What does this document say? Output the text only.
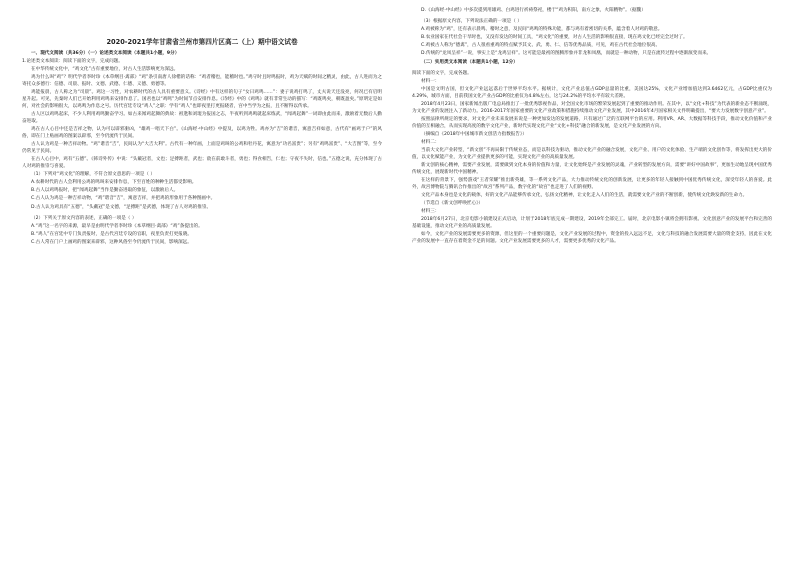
2020-2021学年甘肃省兰州市第四片区高二（上）期中语文试卷

一、现代文阅读（共36分）（一）论述类文本阅读（本题共1小题，9分）

1.论述类文本阅读：阅读下面的文字，完成问题。

在中华传统文化中，“鸡文化”古有重要地位，对古人生活影响更为深远。

鸡为什么叫“鸡”？明代学者李时珍《本草纲目·禽部》“鸡”条引南唐人徐楷的话称：“鸡者稽也，能稽时也。”鸡守时且时鸣报时，鸡为天赋的时间之精灵，由此，古人进而为之寄托众多德行：信德、司晨、报时、文德、武德、仁德、义德、勇德等。

鸡能报晨，古人称之为“司晨”。鸡这一习性，对农耕时代的古人具有重要意义。《诗经》中有这样的句子“女曰鸡鸣……”：妻子说鸡打鸣了，丈夫说天还没亮，何况已有启明星升起。可见，先秦时人们已开始利用鸡鸣来安排作息了。国君也以“鸡鸣”为时间节点安排作息。《诗经》中的《鸡鸣》就有非常生动的描写：“鸡既鸣矣，朝既盈矣。”原明定是如何，对社会的影响很大，以鸡鸣为作息之号。历代宫廷专设“鸡人”之职：学有“鸡人”也即夜里打更报晓者，宫中当学为之报，且不断得以传承。

古人区以鸡鸣起床，不少人利用鸡鸣勤奋学习。如古来闻鸡起舞的典故：祖逖和刘琨为报国之志，半夜听到鸡鸣就起床练武，“闻鸡起舞”一词即由此而来，激励着无数后人勤奋进取。

鸡在古人心目中还是吉祥之物，认为可以辟邪驱凶，“雄鸡一唱天下白”。《山海经·中山经》中提及，以鸡为牲。鸡亦为“吉”的谐音，寓意吉祥如意，古代有“画鸡于户”的风俗，即在门上贴画鸡的图案以辟邪，至今仍流传于民间。

古人认为鸡是一种吉祥动物。“鸡”谐音“吉”，民间认为“大吉大利”。古代有一种年画，上面是鸡叫的公鸡和牡丹花，寓意为“功名富贵”；另有“鸡鸣富贵”、“大吉图”等，至今仍常见于民间。

在古人心目中，鸡有“五德”。《韩诗外传》中说：“头戴冠者，文也；足搏距者，武也；敌在前敢斗者，勇也；得食相告，仁也；守夜不失时，信也。”五德之说，充分体现了古人对鸡的推崇与喜爱。

（1）下列对“鸡文化”的理解，不符合原文意思的一项是（ ）

A.农耕时代的古人会利用公鸡的鸣叫来安排作息，下至百姓的种种生活都受影响。

B.古人以鸡鸣报时，把“闻鸡起舞”当作是勤奋进取的象征，以激励后人。

C.古人认为鸡是一种吉祥动物，“鸡”谐音“吉”，寓意吉祥，并把鸡的形象用于各种图画中。

D.古人认为鸡具有“五德”，“头戴冠”是文德，“足搏距”是武德，体现了古人对鸡的推崇。

（2）下列关于原文内容的表述，正确的一项是（ ）

A.“鸡”这一名字的来源，最早是由明代学者李时珍《本草纲目·禽部》“鸡”条提出的。

B.“鸡人”在宫廷中专门负责报时，是古代宫廷专设的官职，夜里负责打更报晓。

C.古人常在门户上画鸡的图案来辟邪，这种风俗至今仍流传于民间，影响深远。

D.《山海经·中山经》中多次提到用雄鸡、白鸡进行祈祷祭祀，楼于“鸡为积阳，南方之象，火阳精物”。（据魏）

（3）根据原文内容，下列说法正确的一项是（ ）

A.鸡被称为“鸡”，还有表示晨鸣、稽时之意，及民间“鸡鸣的特殊功能，都与鸡有着密切的关系，蕴含着人对鸡的敬意。

B.农业国家在代社会干旱时也，又没有发达的时间工具，“鸡文化”的重要，对古人生活的影响很直接，现在鸡文化已经完全过时了。

C.鸡被古人称为“德禽”，古人很看重鸡的特点赋予其文、武、勇、仁、信等优秀品质，可见，鸡在古代社会地位很高。

D.传统的“龙凤呈祥”一说，事实上是“龙鸡呈祥”。这可能是最初的图腾形象并非龙和凤凰，而就是一种动物，只是在流传过程中逐渐演变而来。

（二）实用类文本阅读（本题共1小题，12分）

阅读下面的文字，完成各题。

材料一：

中国是文明古国，但文化产业远远落后于世界平均水平。据统计，文化产业总值占GDP总量的比重，美国达25%，文化产业增加值达到3.6462亿元，占GDP比重仅为4.29%，城市方面，目前我国文化产业占GDP的比重仅为4.8%左右，这与24.2%的平均水平有较大差距。

2018年4月23日，国家新闻出版广电总局推出了一批优秀影视作品，对全国文化市场的繁荣发展起到了重要的推动作用。在其中，以“文化+科技”为代表的新业态不断涌现，为文化产业的发展注入了新动力。2016-2017年国家重要的文化产业政策和措施持续推动文化产业发展，其中2016年4月国家相关文件明确提出，“要大力发展数字创意产业”。

按照法律所规定的要求，对文化产业未来发展来说是一种更加发达的发展道路，只有通过广泛的互联网平台的应用。利用VR、AR、大数据等科技手段，推动文化价值和产业价值的互相融合，从而实现高度的数字文化产业，新时代实现文化产业“文化+科技”融合的新发展，是文化产业发展的方向。

（摘编自《2018年中国城市新文创活力指数报告》）

材料二：

当前大文化产业转型，“新文创”不再局限于传统业态，而是以科技为驱动，推动文化产业的融合发展，文化产业、用户的文化体验、生产端的文化创作等，将发挥出更大的价值，以文化赋能产业，为文化产业提供更多的可能，实现文化产业的高质量发展。

新文创的核心精神，需要产业发展，需要做到文化本身的价值和力量，让文化始终是产业发展的灵魂，产业转型的发展方向，需要“讲好中国故事”，更加生动地呈现中国优秀传统文化，展现新时代中国精神。

在这样的背景下，强势游戏“王者荣耀”推出新英雄，等一系列文化产品，大力推动传统文化的创新发展，让更多的年轻人接触到中国优秀传统文化，深受年轻人的喜爱。此外，故宫博物院与腾讯合作推出的“故宫”系列产品，数字化的“故宫”也走进了人们的视野。

文化产品本身也是文化的载体，好的文化产品能够传承文化，弘扬文化精神，让文化走入人们的生活，就需要文化产业的不断创新，使传统文化焕发新的生命力。

（节选自《新文创呼唤匠心》）

材料三：

2018年6月27日，北京电影小镇建设正式启动，计划于2018年底完成一期建设，2019年全部完工。届时，北京电影小镇将会拥有影视、文化创意产业的发展平台和完善的基础设施，推动文化产业的高质量发展。

如今，文化产业的发展需要更多的资源，但这里的一个重要问题是，文化产业发展的过程中，资金的投入远远不足，文化与科技的融合发展需要大量的资金支持，因此在文化产业的发展中一直存在着资金不足的问题。文化产业发展需要更多的人才，需要更多优秀的文化产品。
